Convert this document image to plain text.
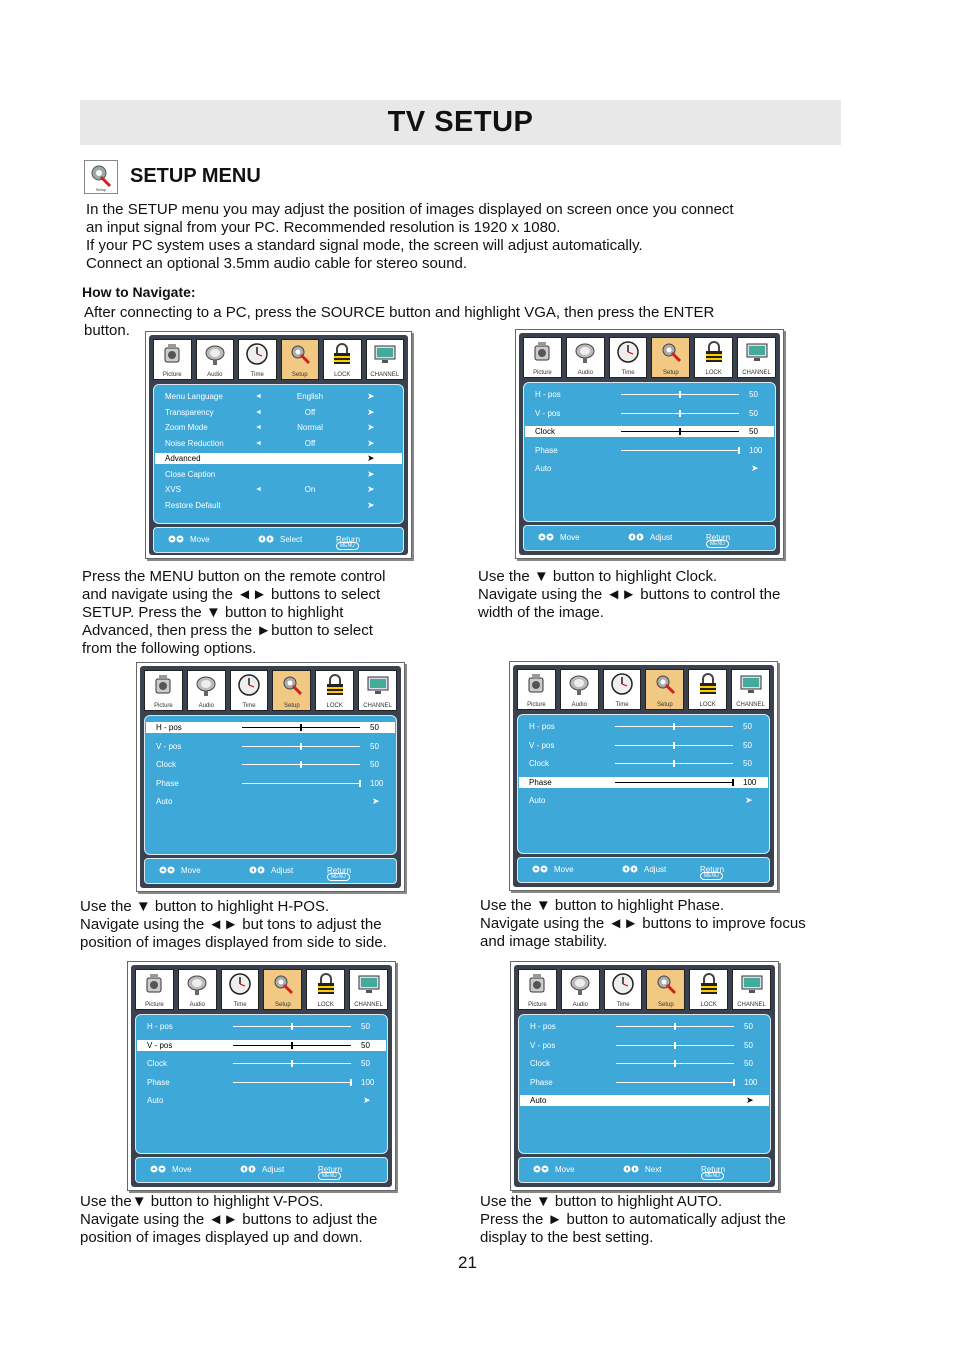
TV SETUP
Setup
SETUP MENU
In the SETUP menu you may adjust the position of images displayed on screen once you connect
an input signal from your PC. Recommended resolution is 1920 x 1080.
If your PC system uses a standard signal mode, the screen will adjust automatically.
Connect an optional 3.5mm audio cable for stereo sound.
How to Navigate:
After connecting to a PC, press the SOURCE button and highlight VGA, then press the ENTER
button.
Picture	Audio	Time	Setup	LOCK	CHANNEL
Menu Language	◄	English	➤
Transparency	◄	Off	➤
Zoom Mode	◄	Normal	➤
Noise Reduction	◄	Off	➤
Advanced	➤
Close Caption	➤
XVS	◄	On	➤
Restore Default	➤
Move	Select
MENU
Return
Picture	Audio	Time	Setup	LOCK	CHANNEL
H - pos	50
V - pos	50
Clock	50
Phase	100
Auto	➤
Move	Adjust
MENU
Return
Picture	Audio	Time	Setup	LOCK	CHANNEL
H - pos	50
V - pos	50
Clock	50
Phase	100
Auto	➤
Move	Adjust
MENU
Return
Picture	Audio	Time	Setup	LOCK	CHANNEL
H - pos	50
V - pos	50
Clock	50
Phase	100
Auto	➤
Move	Adjust
MENU
Return
Picture	Audio	Time	Setup	LOCK	CHANNEL
H - pos	50
V - pos	50
Clock	50
Phase	100
Auto	➤
Move	Adjust
MENU
Return
Picture	Audio	Time	Setup	LOCK	CHANNEL
H - pos	50
V - pos	50
Clock	50
Phase	100
Auto	➤
Move	Next
MENU
Return
Press the MENU button on the remote control
and navigate using the ◄► buttons to select
SETUP. Press the ▼ button to highlight
Advanced, then press the ►button to select
from the following options.
Use the ▼ button to highlight Clock.
Navigate using the ◄► buttons to control the
width of the image.
Use the ▼ button to highlight H-POS.
Navigate using the ◄► but tons to adjust the
position of images displayed from side to side.
Use the ▼ button to highlight Phase.
Navigate using the ◄► buttons to improve focus
and image stability.
Use the▼ button to highlight V-POS.
Navigate using the ◄► buttons to adjust the
position of images displayed up and down.
Use the ▼ button to highlight AUTO.
Press the ► button to automatically adjust the
display to the best setting.
21
